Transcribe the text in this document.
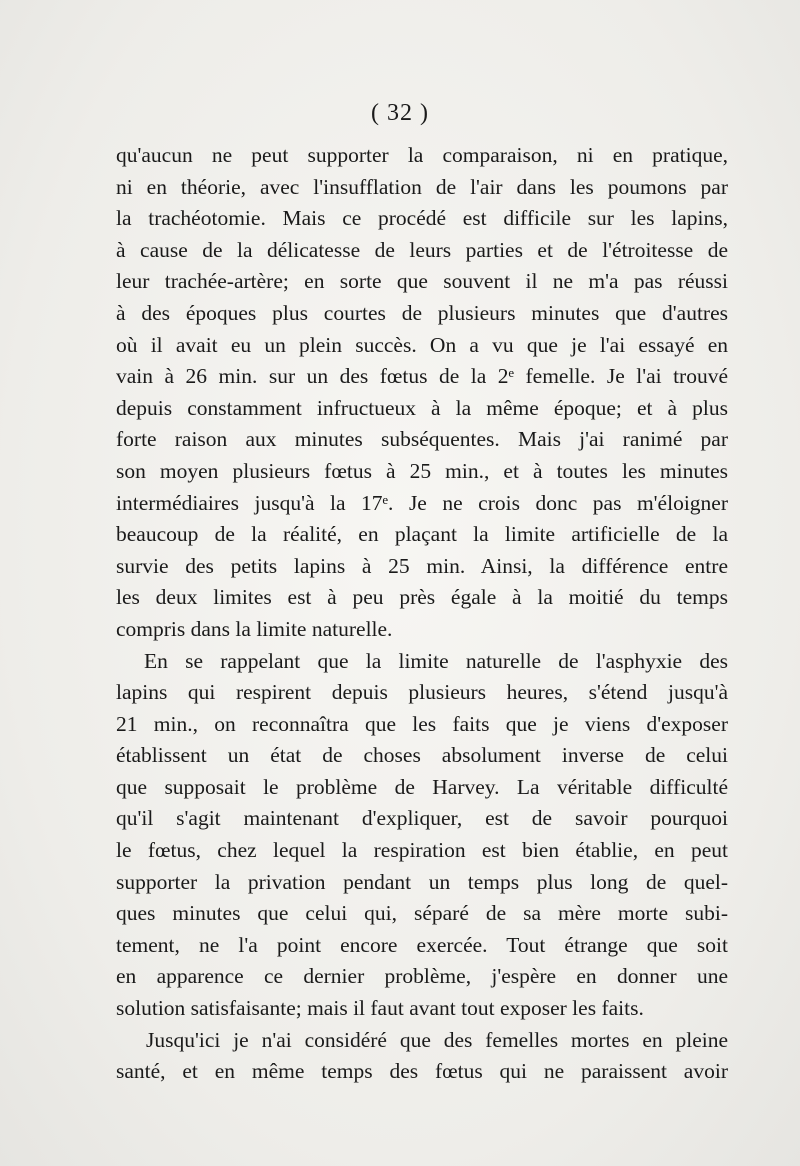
( 32 )
qu'aucun ne peut supporter la comparaison, ni en pratique,
ni en théorie, avec l'insufflation de l'air dans les poumons par
la trachéotomie. Mais ce procédé est difficile sur les lapins,
à cause de la délicatesse de leurs parties et de l'étroitesse de
leur trachée-artère; en sorte que souvent il ne m'a pas réussi
à des époques plus courtes de plusieurs minutes que d'autres
où il avait eu un plein succès. On a vu que je l'ai essayé en
vain à 26 min. sur un des fœtus de la 2ᵉ femelle. Je l'ai trouvé
depuis constamment infructueux à la même époque; et à plus
forte raison aux minutes subséquentes. Mais j'ai ranimé par
son moyen plusieurs fœtus à 25 min., et à toutes les minutes
intermédiaires jusqu'à la 17ᵉ. Je ne crois donc pas m'éloigner
beaucoup de la réalité, en plaçant la limite artificielle de la
survie des petits lapins à 25 min. Ainsi, la différence entre
les deux limites est à peu près égale à la moitié du temps
compris dans la limite naturelle.
En se rappelant que la limite naturelle de l'asphyxie des
lapins qui respirent depuis plusieurs heures, s'étend jusqu'à
21 min., on reconnaîtra que les faits que je viens d'exposer
établissent un état de choses absolument inverse de celui
que supposait le problème de Harvey. La véritable difficulté
qu'il s'agit maintenant d'expliquer, est de savoir pourquoi
le fœtus, chez lequel la respiration est bien établie, en peut
supporter la privation pendant un temps plus long de quel-
ques minutes que celui qui, séparé de sa mère morte subi-
tement, ne l'a point encore exercée. Tout étrange que soit
en apparence ce dernier problème, j'espère en donner une
solution satisfaisante; mais il faut avant tout exposer les faits.
Jusqu'ici je n'ai considéré que des femelles mortes en pleine
santé, et en même temps des fœtus qui ne paraissent avoir
